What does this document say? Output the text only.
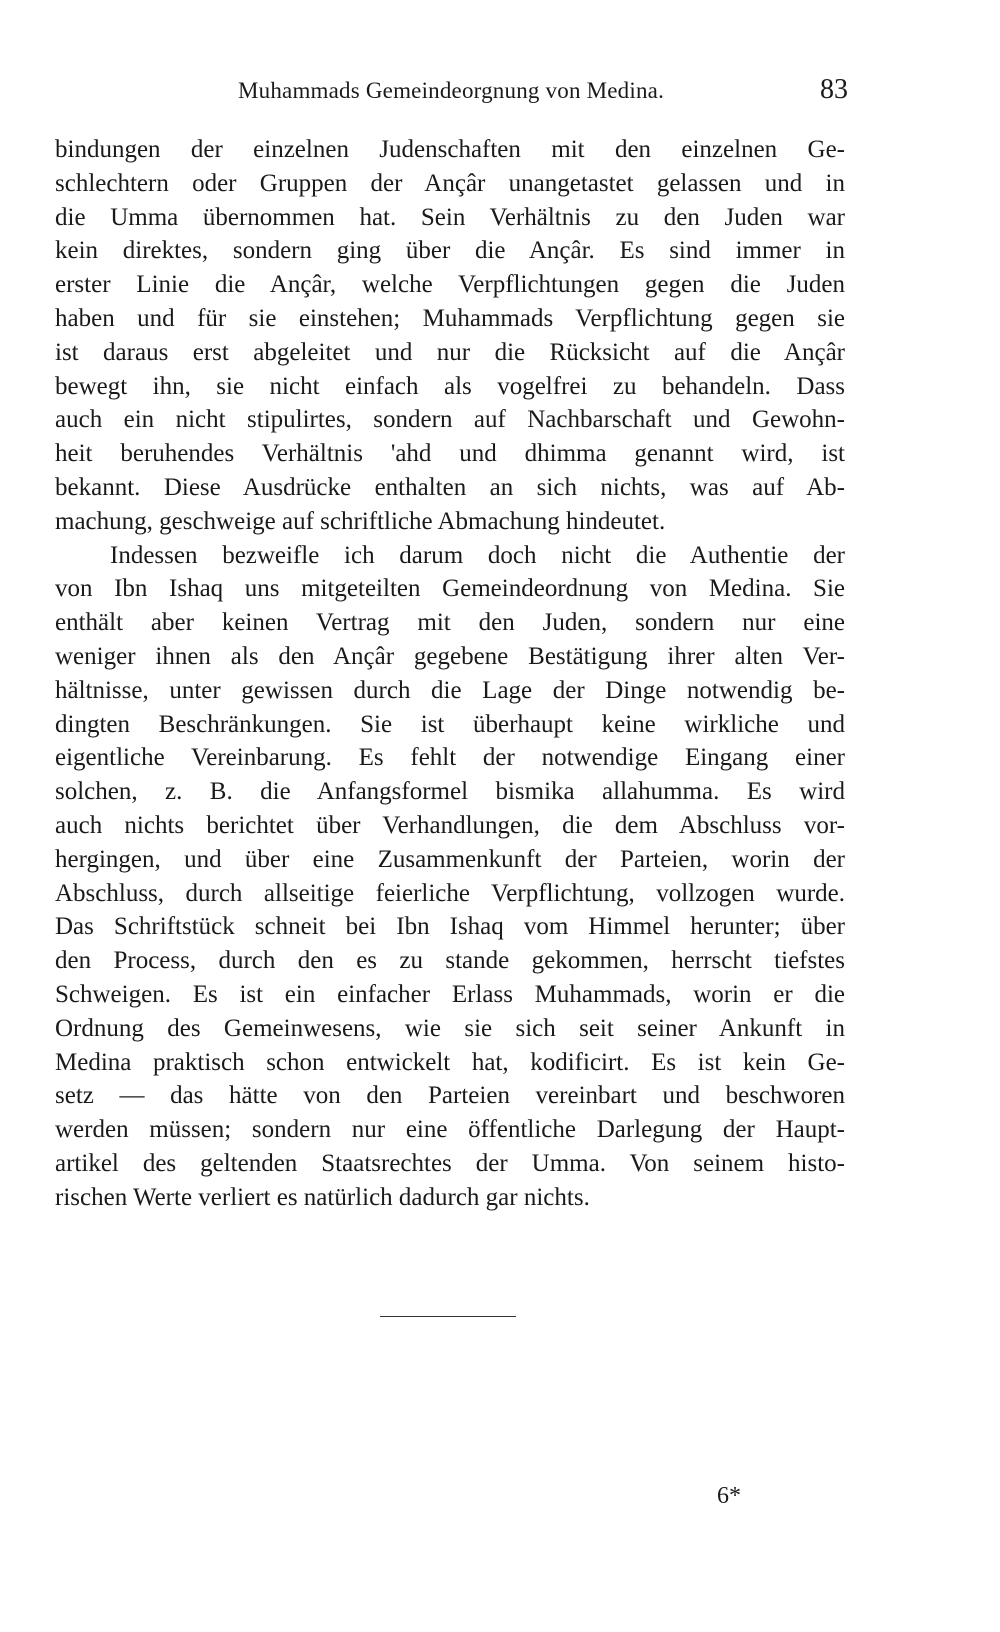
Muhammads Gemeindeorgnung von Medina.	83
bindungen der einzelnen Judenschaften mit den einzelnen Ge-
schlechtern oder Gruppen der Ançâr unangetastet gelassen und in
die Umma übernommen hat. Sein Verhältnis zu den Juden war
kein direktes, sondern ging über die Ançâr. Es sind immer in
erster Linie die Ançâr, welche Verpflichtungen gegen die Juden
haben und für sie einstehen; Muhammads Verpflichtung gegen sie
ist daraus erst abgeleitet und nur die Rücksicht auf die Ançâr
bewegt ihn, sie nicht einfach als vogelfrei zu behandeln. Dass
auch ein nicht stipulirtes, sondern auf Nachbarschaft und Gewohn-
heit beruhendes Verhältnis 'ahd und dhimma genannt wird, ist
bekannt. Diese Ausdrücke enthalten an sich nichts, was auf Ab-
machung, geschweige auf schriftliche Abmachung hindeutet.
Indessen bezweifle ich darum doch nicht die Authentie der
von Ibn Ishaq uns mitgeteilten Gemeindeordnung von Medina. Sie
enthält aber keinen Vertrag mit den Juden, sondern nur eine
weniger ihnen als den Ançâr gegebene Bestätigung ihrer alten Ver-
hältnisse, unter gewissen durch die Lage der Dinge notwendig be-
dingten Beschränkungen. Sie ist überhaupt keine wirkliche und
eigentliche Vereinbarung. Es fehlt der notwendige Eingang einer
solchen, z. B. die Anfangsformel bismika allahumma. Es wird
auch nichts berichtet über Verhandlungen, die dem Abschluss vor-
hergingen, und über eine Zusammenkunft der Parteien, worin der
Abschluss, durch allseitige feierliche Verpflichtung, vollzogen wurde.
Das Schriftstück schneit bei Ibn Ishaq vom Himmel herunter; über
den Process, durch den es zu stande gekommen, herrscht tiefstes
Schweigen. Es ist ein einfacher Erlass Muhammads, worin er die
Ordnung des Gemeinwesens, wie sie sich seit seiner Ankunft in
Medina praktisch schon entwickelt hat, kodificirt. Es ist kein Ge-
setz — das hätte von den Parteien vereinbart und beschworen
werden müssen; sondern nur eine öffentliche Darlegung der Haupt-
artikel des geltenden Staatsrechtes der Umma. Von seinem histo-
rischen Werte verliert es natürlich dadurch gar nichts.
6*
